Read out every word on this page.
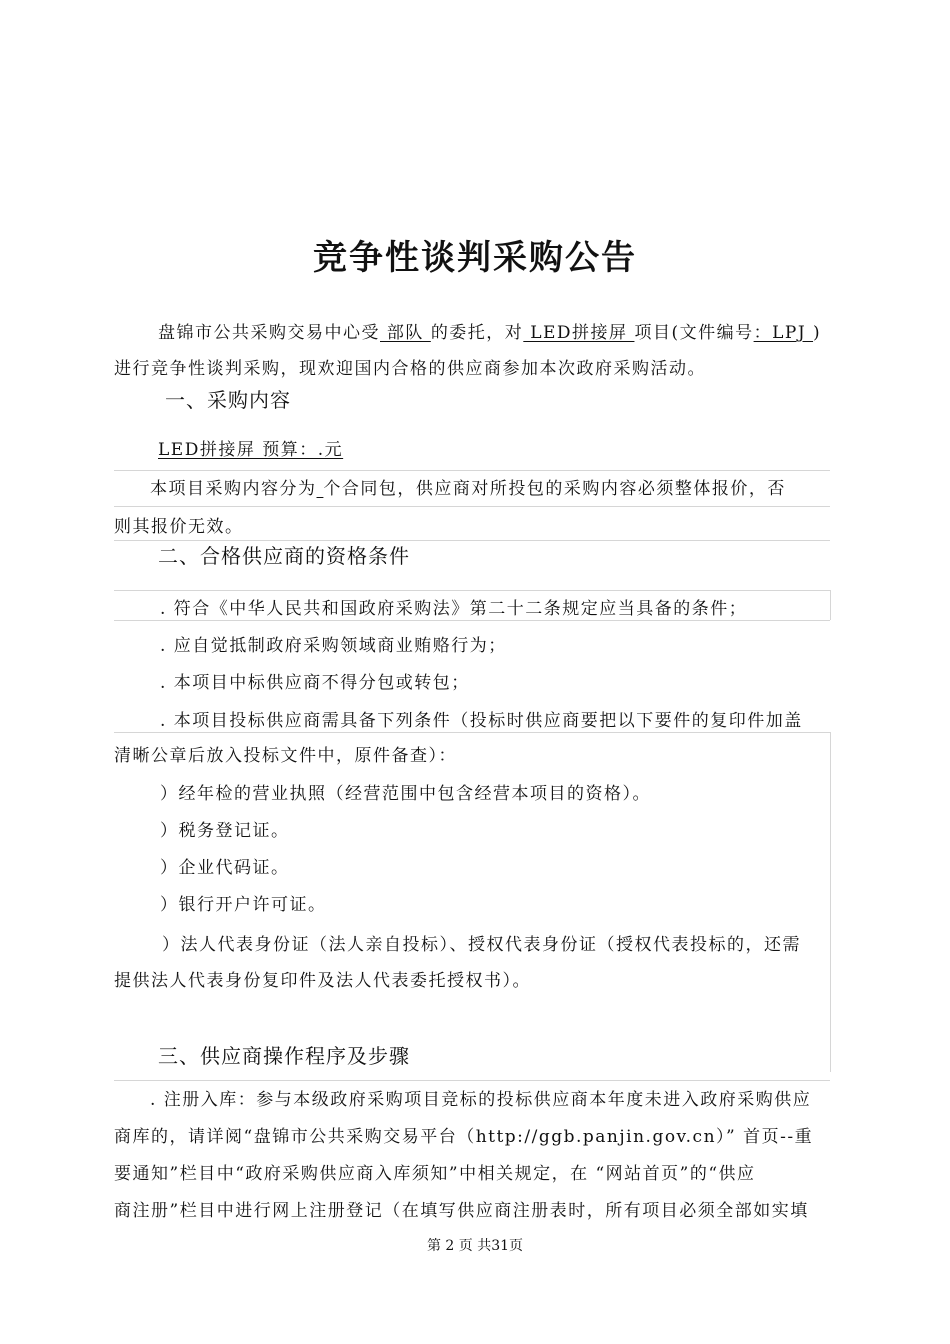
竞争性谈判采购公告
盘锦市公共采购交易中心受 部队 的委托，对 LED拼接屏 项目(文件编号：LPJ )
进行竞争性谈判采购，现欢迎国内合格的供应商参加本次政府采购活动。
一、采购内容
LED拼接屏 预算：.元
本项目采购内容分为 个合同包，供应商对所投包的采购内容必须整体报价，否
则其报价无效。
二、合格供应商的资格条件
. 符合《中华人民共和国政府采购法》第二十二条规定应当具备的条件；
. 应自觉抵制政府采购领域商业贿赂行为；
. 本项目中标供应商不得分包或转包；
. 本项目投标供应商需具备下列条件（投标时供应商要把以下要件的复印件加盖
清晰公章后放入投标文件中，原件备查）：
）经年检的营业执照（经营范围中包含经营本项目的资格）。
）税务登记证。
）企业代码证。
）银行开户许可证。
）法人代表身份证（法人亲自投标）、授权代表身份证（授权代表投标的，还需
提供法人代表身份复印件及法人代表委托授权书）。
三、供应商操作程序及步骤
. 注册入库：参与本级政府采购项目竞标的投标供应商本年度未进入政府采购供应
商库的，请详阅“盘锦市公共采购交易平台（http://ggb.panjin.gov.cn）” 首页--重
要通知”栏目中“政府采购供应商入库须知”中相关规定，在 “网站首页”的“供应
商注册”栏目中进行网上注册登记（在填写供应商注册表时，所有项目必须全部如实填
第 2 页 共31页
